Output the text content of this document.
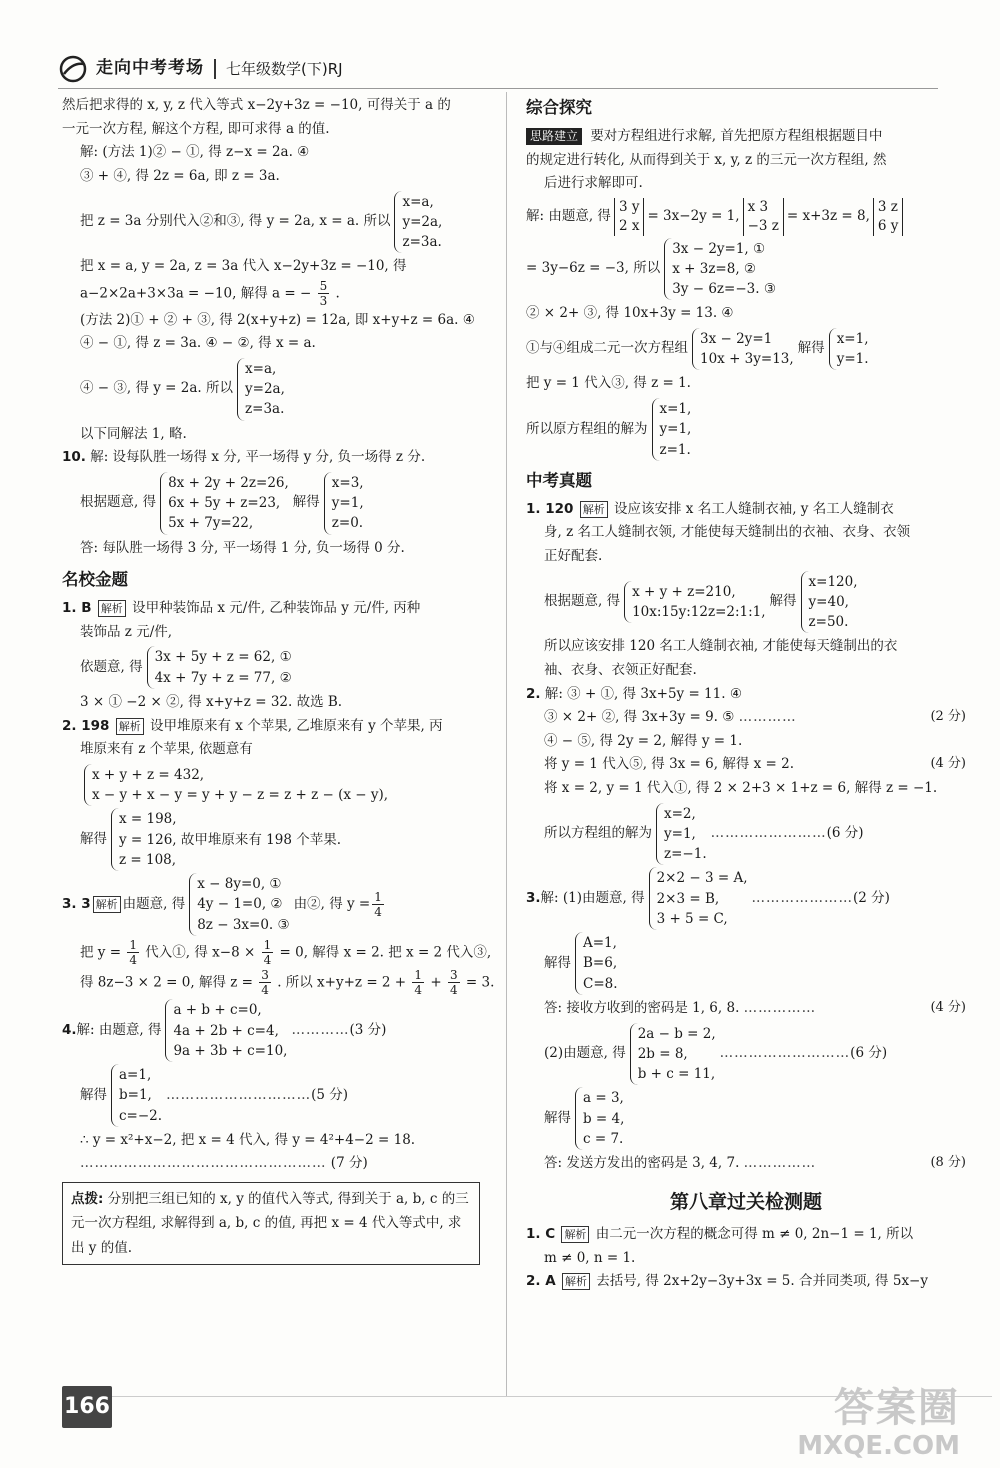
走向中考考场 七年级数学(下)RJ
然后把求得的 x, y, z 代入等式 x−2y+3z = −10, 可得关于 a 的
一元一次方程, 解这个方程, 即可求得 a 的值.
解: (方法 1)② − ①, 得 z−x = 2a. ④
③ + ④, 得 2z = 6a, 即 z = 3a.
把 z = 3a 分别代入②和③, 得 y = 2a, x = a. 所以
x=a,
y=2a,
z=3a.
把 x = a, y = 2a, z = 3a 代入 x−2y+3z = −10, 得
a−2×2a+3×3a = −10, 解得 a = − $\frac{5}{3}$ .
(方法 2)① + ② + ③, 得 2(x+y+z) = 12a, 即 x+y+z = 6a. ④
④ − ①, 得 z = 3a. ④ − ②, 得 x = a.
④ − ③, 得 y = 2a. 所以
x=a,
y=2a,
z=3a.
以下同解法 1, 略.
10. 解: 设每队胜一场得 x 分, 平一场得 y 分, 负一场得 z 分.
根据题意, 得
8x + 2y + 2z=26,
6x + 5y + z=23,
5x + 7y=22,
解得
x=3,
y=1,
z=0.
答: 每队胜一场得 3 分, 平一场得 1 分, 负一场得 0 分.
名校金题
1. B 解析 设甲种装饰品 x 元/件, 乙种装饰品 y 元/件, 丙种
装饰品 z 元/件,
依题意, 得
3x + 5y + z = 62, ①
4x + 7y + z = 77, ②
3 × ① −2 × ②, 得 x+y+z = 32. 故选 B.
2. 198 解析 设甲堆原来有 x 个苹果, 乙堆原来有 y 个苹果, 丙
堆原来有 z 个苹果, 依题意有
x + y + z = 432,
x − y + x − y = y + y − z = z + z − (x − y),
解得
x = 198,
y = 126, 故甲堆原来有 198 个苹果.
z = 108,
3. 3 解析 由题意, 得
x − 8y=0, ①
4y − 1=0, ②
8z − 3x=0. ③
由②, 得 $y = \frac{1}{4}$
把 $y = \frac{1}{4}$ 代入①, 得 $x-8 \times \frac{1}{4} = 0$, 解得 x = 2. 把 x = 2 代入③,
得 8z−3 × 2 = 0, 解得 $z = \frac{3}{4}$ . 所以 $x+y+z = 2 + \frac{1}{4} + \frac{3}{4} = 3$.
4. 解: 由题意, 得
a + b + c=0,
4a + 2b + c=4,
9a + 3b + c=10,
………… (3 分)
解得
a=1,
b=1,
c=−2.
………………………… (5 分)
∴ y = x²+x−2, 把 x = 4 代入, 得 y = 4²+4−2 = 18.
…………………………………………… (7 分)
点拨: 分别把三组已知的 x, y 的值代入等式, 得到关于 a, b, c 的三元一次方程组, 求解得到 a, b, c 的值, 再把 x = 4 代入等式中, 求出 y 的值.
综合探究
思路建立 要对方程组进行求解, 首先把原方程组根据题目中
的规定进行转化, 从而得到关于 x, y, z 的三元一次方程组, 然
后进行求解即可.
解: 由题意, 得
3 y
2 x
= 3x−2y = 1,
x 3
−3 z
= x+3z = 8,
3 z
6 y
= 3y−6z = −3, 所以
3x − 2y=1, ①
x + 3z=8, ②
3y − 6z=−3. ③
② × 2+ ③, 得 10x+3y = 13. ④
①与④组成二元一次方程组
3x − 2y=1
10x + 3y=13,
解得
x=1,
y=1.
把 y = 1 代入③, 得 z = 1.
所以原方程组的解为
x=1,
y=1,
z=1.
中考真题
1. 120 解析 设应该安排 x 名工人缝制衣袖, y 名工人缝制衣
身, z 名工人缝制衣领, 才能使每天缝制出的衣袖、衣身、衣领
正好配套.
根据题意, 得
x + y + z=210,
10x:15y:12z=2:1:1,
解得
x=120,
y=40,
z=50.
所以应该安排 120 名工人缝制衣袖, 才能使每天缝制出的衣
袖、衣身、衣领正好配套.
2. 解: ③ + ①, 得 3x+5y = 11. ④
③ × 2+ ②, 得 3x+3y = 9. ⑤ …………	(2 分)
④ − ⑤, 得 2y = 2, 解得 y = 1.
将 y = 1 代入⑤, 得 3x = 6, 解得 x = 2.	(4 分)
将 x = 2, y = 1 代入①, 得 2 × 2+3 × 1+z = 6, 解得 z = −1.
所以方程组的解为
x=2,
y=1,
z=−1.
…………………… (6 分)
3. 解: (1)由题意, 得
2×2 − 3 = A,
2×3 = B,
3 + 5 = C,
………………… (2 分)
解得
A=1,
B=6,
C=8.
答: 接收方收到的密码是 1, 6, 8. ……………	(4 分)
(2)由题意, 得
2a − b = 2,
2b = 8,
b + c = 11,
……………………… (6 分)
解得
a = 3,
b = 4,
c = 7.
答: 发送方发出的密码是 3, 4, 7. ……………	(8 分)
第八章过关检测题
1. C 解析 由二元一次方程的概念可得 m ≠ 0, 2n−1 = 1, 所以
m ≠ 0, n = 1.
2. A 解析 去括号, 得 2x+2y−3y+3x = 5. 合并同类项, 得 5x−y
166	答案圈
MXQE.COM
